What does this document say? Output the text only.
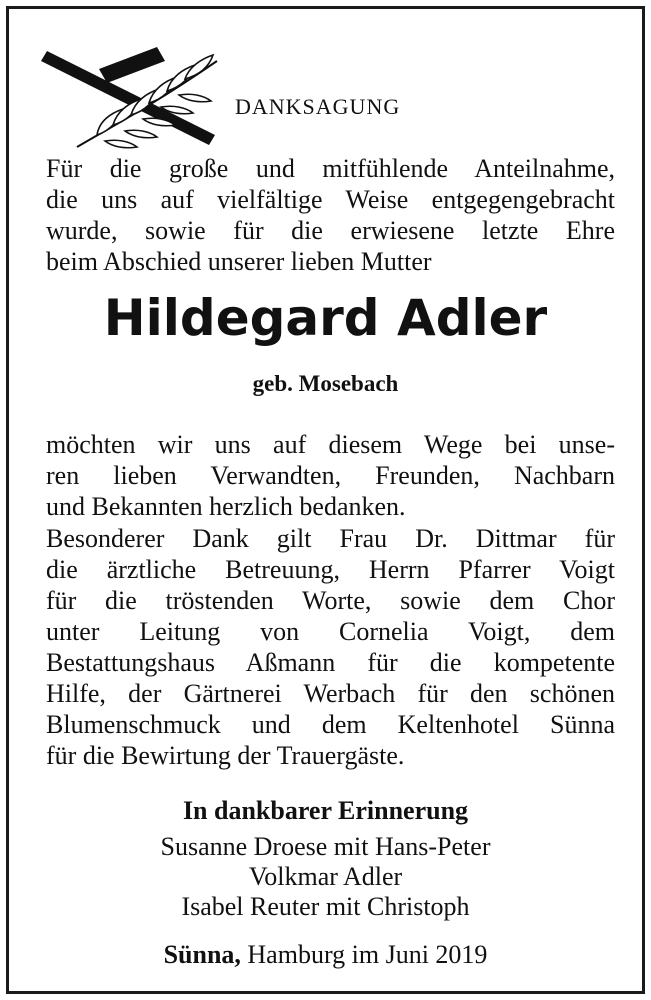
DANKSAGUNG
Für die große und mitfühlende Anteilnahme,
die uns auf vielfältige Weise entgegengebracht
wurde, sowie für die erwiesene letzte Ehre
beim Abschied unserer lieben Mutter
Hildegard Adler
geb. Mosebach
möchten wir uns auf diesem Wege bei unse-
ren lieben Verwandten, Freunden, Nachbarn
und Bekannten herzlich bedanken.
Besonderer Dank gilt Frau Dr. Dittmar für
die ärztliche Betreuung, Herrn Pfarrer Voigt
für die tröstenden Worte, sowie dem Chor
unter Leitung von Cornelia Voigt, dem
Bestattungshaus Aßmann für die kompetente
Hilfe, der Gärtnerei Werbach für den schönen
Blumenschmuck und dem Keltenhotel Sünna
für die Bewirtung der Trauergäste.
In dankbarer Erinnerung
Susanne Droese mit Hans-Peter
Volkmar Adler
Isabel Reuter mit Christoph
Sünna, Hamburg im Juni 2019
